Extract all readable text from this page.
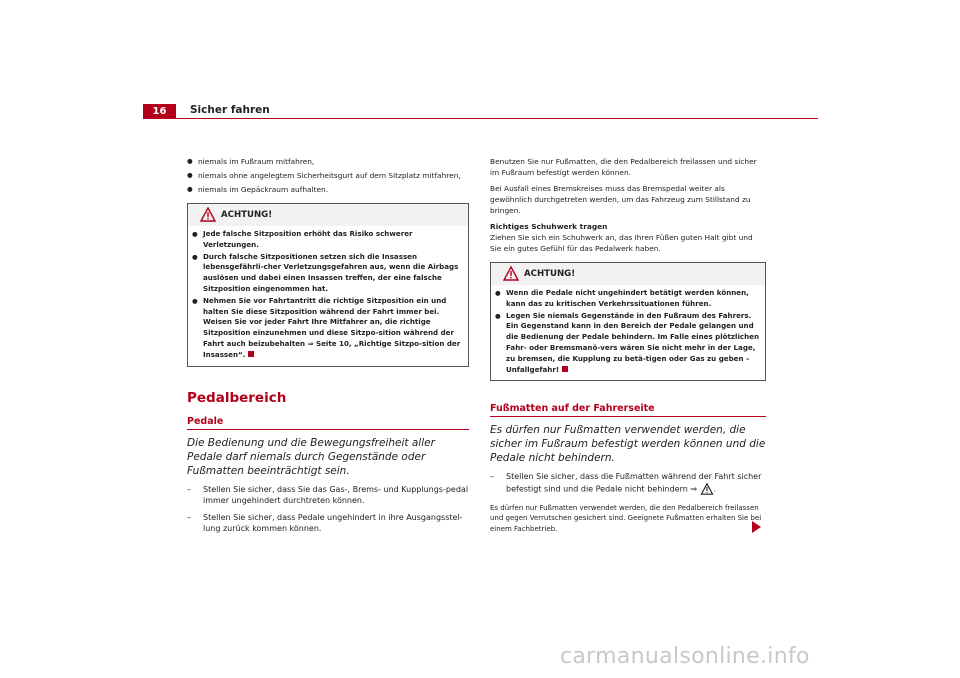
16	Sicher fahren
● niemals im Fußraum mitfahren,
● niemals ohne angelegtem Sicherheitsgurt auf dem Sitzplatz mitfahren,
● niemals im Gepäckraum aufhalten.
ACHTUNG!
● Jede falsche Sitzposition erhöht das Risiko schwerer Verletzungen.
● Durch falsche Sitzpositionen setzen sich die Insassen lebensgefährli-cher Verletzungsgefahren aus, wenn die Airbags auslösen und dabei einen Insassen treffen, der eine falsche Sitzposition eingenommen hat.
● Nehmen Sie vor Fahrtantritt die richtige Sitzposition ein und halten Sie diese Sitzposition während der Fahrt immer bei. Weisen Sie vor jeder Fahrt Ihre Mitfahrer an, die richtige Sitzposition einzunehmen und diese Sitzpo-sition während der Fahrt auch beizubehalten ⇒ Seite 10, „Richtige Sitzpo-sition der Insassen“.
Pedalbereich
Pedale
Die Bedienung und die Bewegungsfreiheit aller Pedale darf niemals durch Gegenstände oder Fußmatten beeinträchtigt sein.
– Stellen Sie sicher, dass Sie das Gas-, Brems- und Kupplungs-pedal immer ungehindert durchtreten können.
– Stellen Sie sicher, dass Pedale ungehindert in ihre Ausgangsstel-lung zurück kommen können.
Benutzen Sie nur Fußmatten, die den Pedalbereich freilassen und sicher im Fußraum befestigt werden können.
Bei Ausfall eines Bremskreises muss das Bremspedal weiter als gewöhnlich durchgetreten werden, um das Fahrzeug zum Stillstand zu bringen.
Richtiges Schuhwerk tragen
Ziehen Sie sich ein Schuhwerk an, das Ihren Füßen guten Halt gibt und Sie ein gutes Gefühl für das Pedalwerk haben.
ACHTUNG!
● Wenn die Pedale nicht ungehindert betätigt werden können, kann das zu kritischen Verkehrssituationen führen.
● Legen Sie niemals Gegenstände in den Fußraum des Fahrers. Ein Gegenstand kann in den Bereich der Pedale gelangen und die Bedienung der Pedale behindern. Im Falle eines plötzlichen Fahr- oder Bremsmanö-vers wären Sie nicht mehr in der Lage, zu bremsen, die Kupplung zu betä-tigen oder Gas zu geben – Unfallgefahr!
Fußmatten auf der Fahrerseite
Es dürfen nur Fußmatten verwendet werden, die sicher im Fußraum befestigt werden können und die Pedale nicht behindern.
– Stellen Sie sicher, dass die Fußmatten während der Fahrt sicher befestigt sind und die Pedale nicht behindern ⇒ .
Es dürfen nur Fußmatten verwendet werden, die den Pedalbereich freilassen und gegen Verrutschen gesichert sind. Geeignete Fußmatten erhalten Sie bei einem Fachbetrieb.
carmanualsonline.info
